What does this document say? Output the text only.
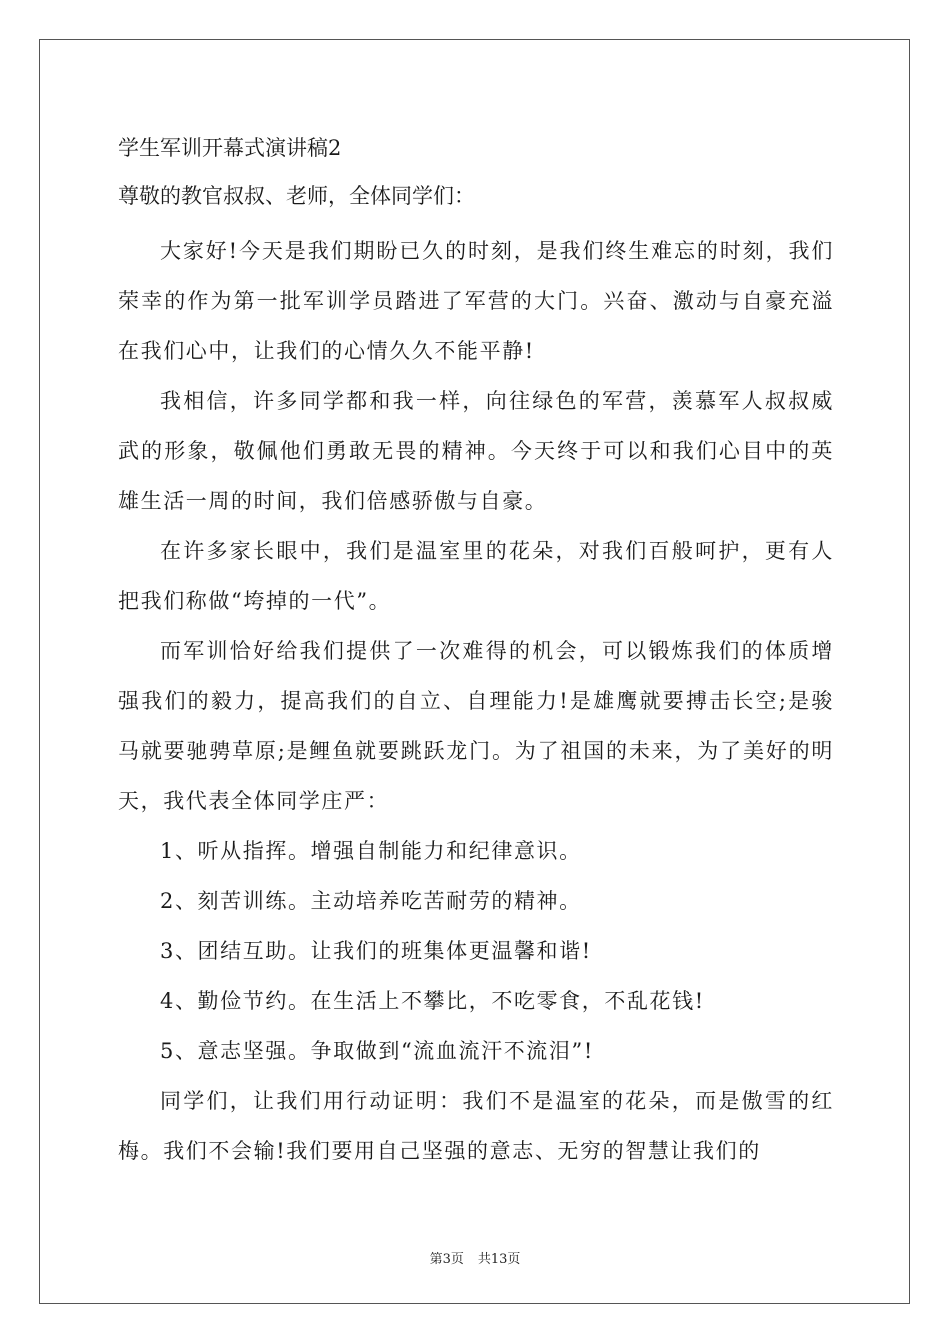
学生军训开幕式演讲稿2
尊敬的教官叔叔、老师，全体同学们：

大家好!今天是我们期盼已久的时刻，是我们终生难忘的时刻，我们荣幸的作为第一批军训学员踏进了军营的大门。兴奋、激动与自豪充溢在我们心中，让我们的心情久久不能平静!

我相信，许多同学都和我一样，向往绿色的军营，羡慕军人叔叔威武的形象，敬佩他们勇敢无畏的精神。今天终于可以和我们心目中的英雄生活一周的时间，我们倍感骄傲与自豪。

在许多家长眼中，我们是温室里的花朵，对我们百般呵护，更有人把我们称做“垮掉的一代”。

而军训恰好给我们提供了一次难得的机会，可以锻炼我们的体质增强我们的毅力，提高我们的自立、自理能力!是雄鹰就要搏击长空;是骏马就要驰骋草原;是鲤鱼就要跳跃龙门。为了祖国的未来，为了美好的明天，我代表全体同学庄严：

1、听从指挥。增强自制能力和纪律意识。
2、刻苦训练。主动培养吃苦耐劳的精神。
3、团结互助。让我们的班集体更温馨和谐!
4、勤俭节约。在生活上不攀比，不吃零食，不乱花钱!
5、意志坚强。争取做到“流血流汗不流泪”!

同学们，让我们用行动证明：我们不是温室的花朵，而是傲雪的红梅。我们不会输!我们要用自己坚强的意志、无穷的智慧让我们的

第3页 共13页
